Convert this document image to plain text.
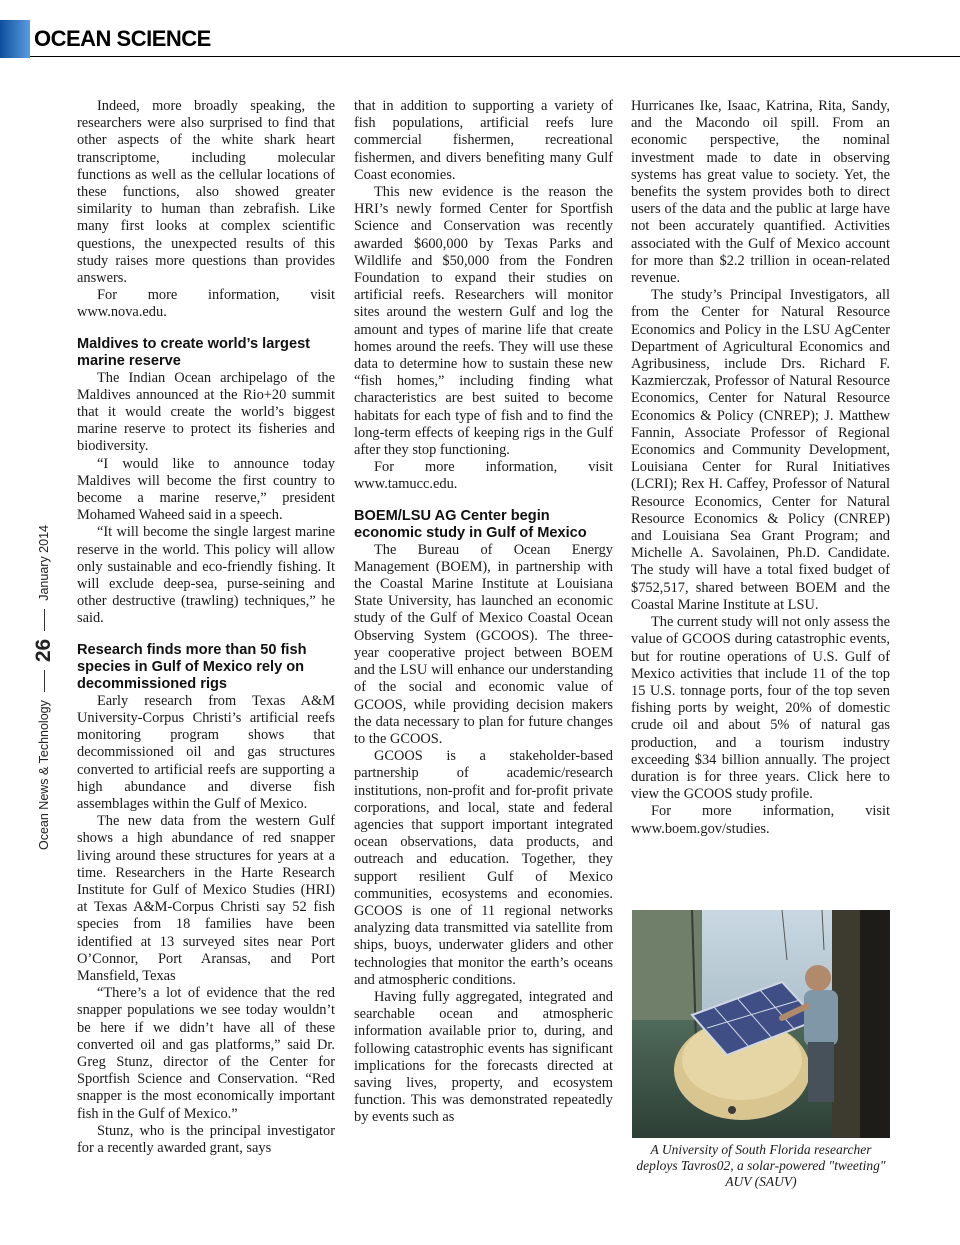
OCEAN SCIENCE
Ocean News & Technology26January 2014

Indeed, more broadly speaking, the researchers were also surprised to find that other aspects of the white shark heart transcriptome, including molecular functions as well as the cellular locations of these functions, also showed greater similarity to human than zebrafish. Like many first looks at complex scientific questions, the unexpected results of this study raises more questions than provides answers.

For more information, visit www.nova.edu.

Maldives to create world’s largest marine reserve

The Indian Ocean archipelago of the Maldives announced at the Rio+20 summit that it would create the world’s biggest marine reserve to protect its fisheries and biodiversity.

“I would like to announce today Maldives will become the first country to become a marine reserve,” president Mohamed Waheed said in a speech.

“It will become the single largest marine reserve in the world. This policy will allow only sustainable and eco-friendly fishing. It will exclude deep-sea, purse-seining and other destructive (trawling) techniques,” he said.

Research finds more than 50 fish species in Gulf of Mexico rely on decommissioned rigs

Early research from Texas A&M University-Corpus Christi’s artificial reefs monitoring program shows that decommissioned oil and gas structures converted to artificial reefs are supporting a high abundance and diverse fish assemblages within the Gulf of Mexico.

The new data from the western Gulf shows a high abundance of red snapper living around these structures for years at a time. Researchers in the Harte Research Institute for Gulf of Mexico Studies (HRI) at Texas A&M-Corpus Christi say 52 fish species from 18 families have been identified at 13 surveyed sites near Port O’Connor, Port Aransas, and Port Mansfield, Texas

“There’s a lot of evidence that the red snapper populations we see today wouldn’t be here if we didn’t have all of these converted oil and gas platforms,” said Dr. Greg Stunz, director of the Center for Sportfish Science and Conservation. “Red snapper is the most economically important fish in the Gulf of Mexico.”

Stunz, who is the principal investigator for a recently awarded grant, says

that in addition to supporting a variety of fish populations, artificial reefs lure commercial fishermen, recreational fishermen, and divers benefiting many Gulf Coast economies.

This new evidence is the reason the HRI’s newly formed Center for Sportfish Science and Conservation was recently awarded $600,000 by Texas Parks and Wildlife and $50,000 from the Fondren Foundation to expand their studies on artificial reefs. Researchers will monitor sites around the western Gulf and log the amount and types of marine life that create homes around the reefs. They will use these data to determine how to sustain these new “fish homes,” including finding what characteristics are best suited to become habitats for each type of fish and to find the long-term effects of keeping rigs in the Gulf after they stop functioning.

For more information, visit www.tamucc.edu.

BOEM/LSU AG Center begin economic study in Gulf of Mexico

The Bureau of Ocean Energy Management (BOEM), in partnership with the Coastal Marine Institute at Louisiana State University, has launched an economic study of the Gulf of Mexico Coastal Ocean Observing System (GCOOS). The three-year cooperative project between BOEM and the LSU will enhance our understanding of the social and economic value of GCOOS, while providing decision makers the data necessary to plan for future changes to the GCOOS.

GCOOS is a stakeholder-based partnership of academic/research institutions, non-profit and for-profit private corporations, and local, state and federal agencies that support important integrated ocean observations, data products, and outreach and education. Together, they support resilient Gulf of Mexico communities, ecosystems and economies. GCOOS is one of 11 regional networks analyzing data transmitted via satellite from ships, buoys, underwater gliders and other technologies that monitor the earth’s oceans and atmospheric conditions.

Having fully aggregated, integrated and searchable ocean and atmospheric information available prior to, during, and following catastrophic events has significant implications for the forecasts directed at saving lives, property, and ecosystem function. This was demonstrated repeatedly by events such as

Hurricanes Ike, Isaac, Katrina, Rita, Sandy, and the Macondo oil spill. From an economic perspective, the nominal investment made to date in observing systems has great value to society. Yet, the benefits the system provides both to direct users of the data and the public at large have not been accurately quantified. Activities associated with the Gulf of Mexico account for more than $2.2 trillion in ocean-related revenue.

The study’s Principal Investigators, all from the Center for Natural Resource Economics and Policy in the LSU AgCenter Department of Agricultural Economics and Agribusiness, include Drs. Richard F. Kazmierczak, Professor of Natural Resource Economics, Center for Natural Resource Economics & Policy (CNREP); J. Matthew Fannin, Associate Professor of Regional Economics and Community Development, Louisiana Center for Rural Initiatives (LCRI); Rex H. Caffey, Professor of Natural Resource Economics, Center for Natural Resource Economics & Policy (CNREP) and Louisiana Sea Grant Program; and Michelle A. Savolainen, Ph.D. Candidate. The study will have a total fixed budget of $752,517, shared between BOEM and the Coastal Marine Institute at LSU.

The current study will not only assess the value of GCOOS during catastrophic events, but for routine operations of U.S. Gulf of Mexico activities that include 11 of the top 15 U.S. tonnage ports, four of the top seven fishing ports by weight, 20% of domestic crude oil and about 5% of natural gas production, and a tourism industry exceeding $34 billion annually. The project duration is for three years. Click here to view the GCOOS study profile.

For more information, visit www.boem.gov/studies.

A University of South Florida researcher deploys Tavros02, a solar-powered "tweeting" AUV (SAUV)
